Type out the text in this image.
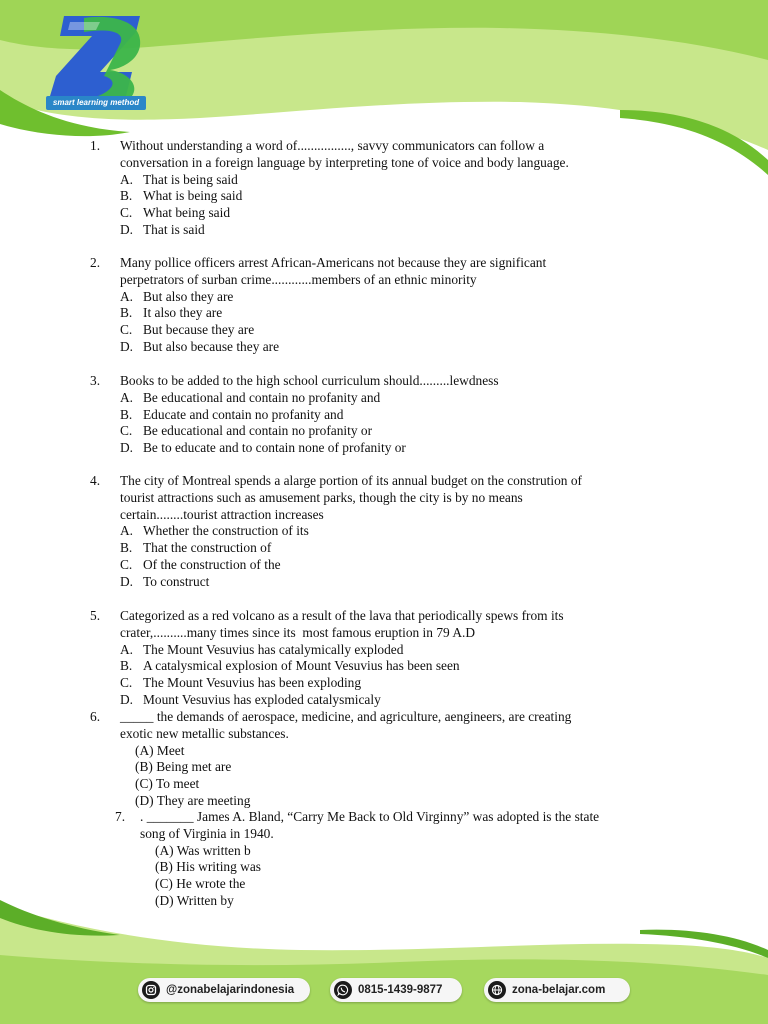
smart learning method
1.	Without understanding a word of................, savvy communicators can follow a
conversation in a foreign language by interpreting tone of voice and body language.
A. That is being said
B. What is being said
C. What being said
D. That is said
2.	Many pollice officers arrest African-Americans not because they are significant
perpetrators of surban crime............members of an ethnic minority
A. But also they are
B. It also they are
C. But because they are
D. But also because they are
3.	Books to be added to the high school curriculum should.........lewdness
A. Be educational and contain no profanity and
B. Educate and contain no profanity and
C. Be educational and contain no profanity or
D. Be to educate and to contain none of profanity or
4.	The city of Montreal spends a alarge portion of its annual budget on the constrution of
tourist attractions such as amusement parks, though the city is by no means
certain........tourist attraction increases
A. Whether the construction of its
B. That the construction of
C. Of the construction of the
D. To construct
5.	Categorized as a red volcano as a result of the lava that periodically spews from its
crater,..........many times since its  most famous eruption in 79 A.D
A. The Mount Vesuvius has catalymically exploded
B. A catalysmical explosion of Mount Vesuvius has been seen
C. The Mount Vesuvius has been exploding
D. Mount Vesuvius has exploded catalysmicaly
6.	_____ the demands of aerospace, medicine, and agriculture, aengineers, are creating
exotic new metallic substances.
(A) Meet
(B) Being met are
(C) To meet
(D) They are meeting
7.	. _______ James A. Bland, “Carry Me Back to Old Virginny” was adopted is the state
song of Virginia in 1940.
(A) Was written b
(B) His writing was
(C) He wrote the
(D) Written by
@zonabelajarindonesia	0815-1439-9877	zona-belajar.com
